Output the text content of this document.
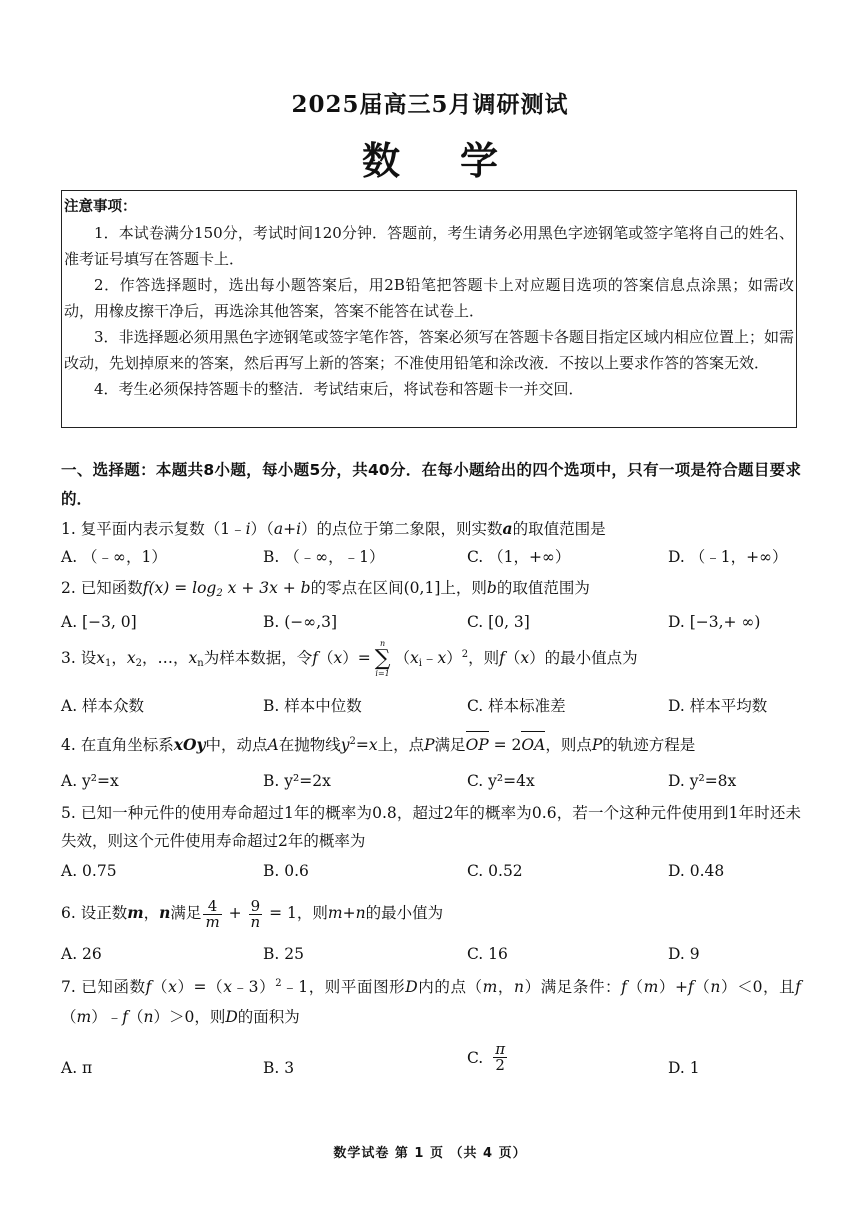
2025届高三5月调研测试
数学
注意事项：

1．本试卷满分150分，考试时间120分钟．答题前，考生请务必用黑色字迹钢笔或签字笔将自己的姓名、准考证号填写在答题卡上．

2．作答选择题时，选出每小题答案后，用2B铅笔把答题卡上对应题目选项的答案信息点涂黑；如需改动，用橡皮擦干净后，再选涂其他答案，答案不能答在试卷上．

3．非选择题必须用黑色字迹钢笔或签字笔作答，答案必须写在答题卡各题目指定区域内相应位置上；如需改动，先划掉原来的答案，然后再写上新的答案；不准使用铅笔和涂改液．不按以上要求作答的答案无效．

4．考生必须保持答题卡的整洁．考试结束后，将试卷和答题卡一并交回．

一、选择题：本题共8小题，每小题5分，共40分．在每小题给出的四个选项中，只有一项是符合题目要求的．
1. 复平面内表示复数（1﹣i）（a+i）的点位于第二象限，则实数a的取值范围是
A. （﹣∞，1）	B. （﹣∞，﹣1）	C. （1，+∞）	D. （﹣1，+∞）
2. 已知函数$f(x) = \log_2 x + 3x + b$的零点在区间(0,1]上，则b的取值范围为
A. [−3, 0]	B. (−∞,3]	C. [0, 3]	D. [−3,+ ∞)
3. 设$x_1$，$x_2$，…，$x_n$为样本数据，令f（x）=
n
∑
i=1
$(x_i﹣x)^2$，则f（x）的最小值点为
A. 样本众数	B. 样本中位数	C. 样本标准差	D. 样本平均数
4. 在直角坐标系xOy中，动点A在抛物线$y^2=x$上，点P满足OP = 2OA，则点P的轨迹方程是
A. y²=x	B. y²=2x	C. y²=4x	D. y²=8x
5. 已知一种元件的使用寿命超过1年的概率为0.8，超过2年的概率为0.6，若一个这种元件使用到1年时还未失效，则这个元件使用寿命超过2年的概率为
A. 0.75	B. 0.6	C. 0.52	D. 0.48
6. 设正数m，n满足 $\frac{4}{m} + \frac{9}{n} = 1$，则m+n的最小值为
A. 26	B. 25	C. 16	D. 9
7. 已知函数f（x）=（x﹣3）$^2$﹣1，则平面图形D内的点（m，n）满足条件：f（m）+f（n）＜0，且f（m）﹣f（n）＞0，则D的面积为
A. π	B. 3
C. $\frac{\pi}{2}$	D. 1
数学试卷 第 1 页 （共 4 页）
